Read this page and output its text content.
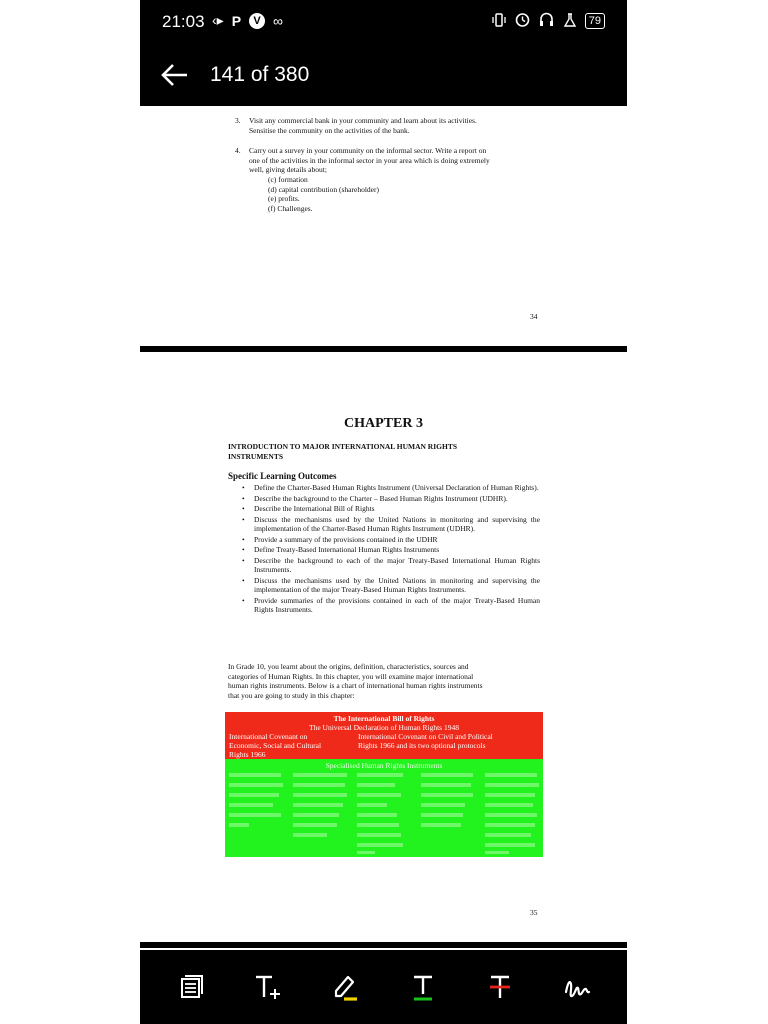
21:03 ‹▸ P	V ∞	79
141 of 380
3. Visit any commercial bank in your community and learn about its activities.
Sensitise the community on the activities of the bank.
4. Carry out a survey in your community on the informal sector. Write a report on
one of the activities in the informal sector in your area which is doing extremely
well, giving details about;
(c) formation
(d) capital contribution (shareholder)
(e) profits.
(f) Challenges.
34
CHAPTER 3
INTRODUCTION TO MAJOR INTERNATIONAL HUMAN RIGHTS
INSTRUMENTS
Specific Learning Outcomes
• Define the Charter-Based Human Rights Instrument (Universal Declaration of Human Rights).
• Describe the background to the Charter – Based Human Rights Instrument (UDHR).
• Describe the International Bill of Rights
• Discuss the mechanisms used by the United Nations in monitoring and supervising the implementation of the Charter-Based Human Rights Instrument (UDHR).
• Provide a summary of the provisions contained in the UDHR
• Define Treaty-Based International Human Rights Instruments
• Describe the background to each of the major Treaty-Based International Human Rights Instruments.
• Discuss the mechanisms used by the United Nations in monitoring and supervising the implementation of the major Treaty-Based Human Rights Instruments.
• Provide summaries of the provisions contained in each of the major Treaty-Based Human Rights Instruments.
In Grade 10, you learnt about the origins, definition, characteristics, sources and
categories of Human Rights. In this chapter, you will examine major international
human rights instruments. Below is a chart of international human rights instruments
that you are going to study in this chapter:
The International Bill of Rights
The Universal Declaration of Human Rights 1948
International Covenant on
Economic, Social and Cultural
Rights 1966
International Covenant on Civil and Political
Rights 1966 and its two optional protocols
Specialised Human Rights Instruments
35
